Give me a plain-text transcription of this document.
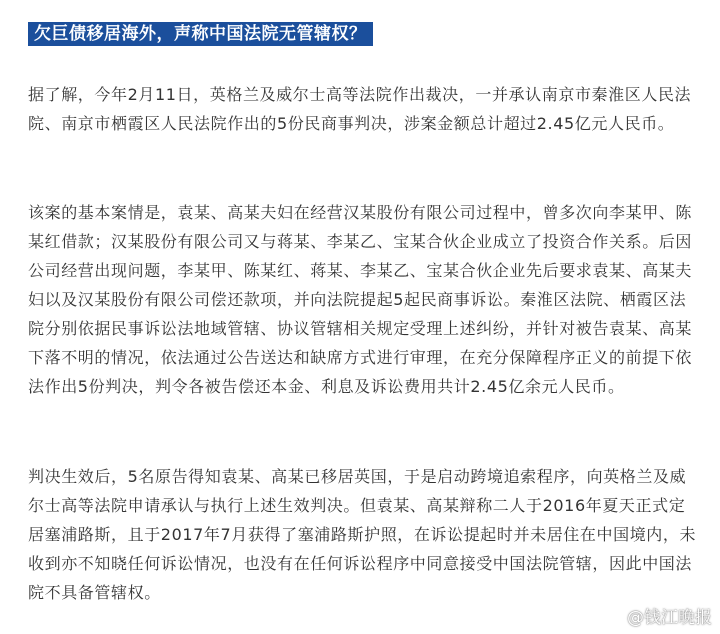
欠巨债移居海外，声称中国法院无管辖权？

据了解，今年2月11日，英格兰及威尔士高等法院作出裁决，一并承认南京市秦淮区人民法院、南京市栖霞区人民法院作出的5份民商事判决，涉案金额总计超过2.45亿元人民币。

该案的基本案情是，袁某、高某夫妇在经营汉某股份有限公司过程中，曾多次向李某甲、陈某红借款；汉某股份有限公司又与蒋某、李某乙、宝某合伙企业成立了投资合作关系。后因公司经营出现问题，李某甲、陈某红、蒋某、李某乙、宝某合伙企业先后要求袁某、高某夫妇以及汉某股份有限公司偿还款项，并向法院提起5起民商事诉讼。秦淮区法院、栖霞区法院分别依据民事诉讼法地域管辖、协议管辖相关规定受理上述纠纷，并针对被告袁某、高某下落不明的情况，依法通过公告送达和缺席方式进行审理，在充分保障程序正义的前提下依法作出5份判决，判令各被告偿还本金、利息及诉讼费用共计2.45亿余元人民币。

判决生效后，5名原告得知袁某、高某已移居英国，于是启动跨境追索程序，向英格兰及威尔士高等法院申请承认与执行上述生效判决。但袁某、高某辩称二人于2016年夏天正式定居塞浦路斯，且于2017年7月获得了塞浦路斯护照，在诉讼提起时并未居住在中国境内，未收到亦不知晓任何诉讼情况，也没有在任何诉讼程序中同意接受中国法院管辖，因此中国法院不具备管辖权。

@钱江晚报
